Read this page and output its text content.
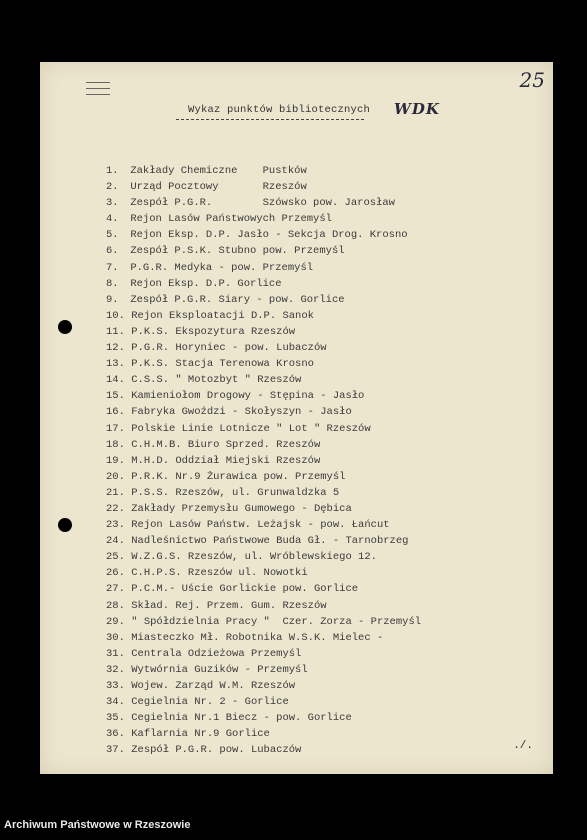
25
Wykaz punktów bibliotecznych WDK
1. Zakłady Chemiczne    Pustków
2. Urząd Pocztowy       Rzeszów
3. Zespół P.G.R.        Szówsko pow. Jarosław
4. Rejon Lasów Państwowych Przemyśl
5. Rejon Eksp. D.P. Jasło - Sekcja Drog. Krosno
6. Zespół P.S.K. Stubno pow. Przemyśl
7. P.G.R. Medyka - pow. Przemyśl
8. Rejon Eksp. D.P. Gorlice
9. Zespół P.G.R. Siary - pow. Gorlice
10. Rejon Eksploatacji D.P. Sanok
11. P.K.S. Ekspozytura Rzeszów
12. P.G.R. Horyniec - pow. Lubaczów
13. P.K.S. Stacja Terenowa Krosno
14. C.S.S. " Motozbyt " Rzeszów
15. Kamieniołom Drogowy - Stępina - Jasło
16. Fabryka Gwoździ - Skołyszyn - Jasło
17. Polskie Linie Lotnicze " Lot " Rzeszów
18. C.H.M.B. Biuro Sprzed. Rzeszów
19. M.H.D. Oddział Miejski Rzeszów
20. P.R.K. Nr.9 Żurawica pow. Przemyśl
21. P.S.S. Rzeszów, ul. Grunwaldzka 5
22. Zakłady Przemysłu Gumowego - Dębica
23. Rejon Lasów Państw. Leżajsk - pow. Łańcut
24. Nadleśnictwo Państwowe Buda Gł. - Tarnobrzeg
25. W.Z.G.S. Rzeszów, ul. Wróblewskiego 12.
26. C.H.P.S. Rzeszów ul. Nowotki
27. P.C.M.- Uście Gorlickie pow. Gorlice
28. Skład. Rej. Przem. Gum. Rzeszów
29. " Spółdzielnia Pracy "  Czer. Zorza - Przemyśl
30. Miasteczko Mł. Robotnika W.S.K. Mielec -
31. Centrala Odzieżowa Przemyśl
32. Wytwórnia Guzików - Przemyśl
33. Wojew. Zarząd W.M. Rzeszów
34. Cegielnia Nr. 2 - Gorlice
35. Cegielnia Nr.1 Biecz - pow. Gorlice
36. Kaflarnia Nr.9 Gorlice
37. Zespół P.G.R. pow. Lubaczów	./.
Archiwum Państwowe w Rzeszowie
